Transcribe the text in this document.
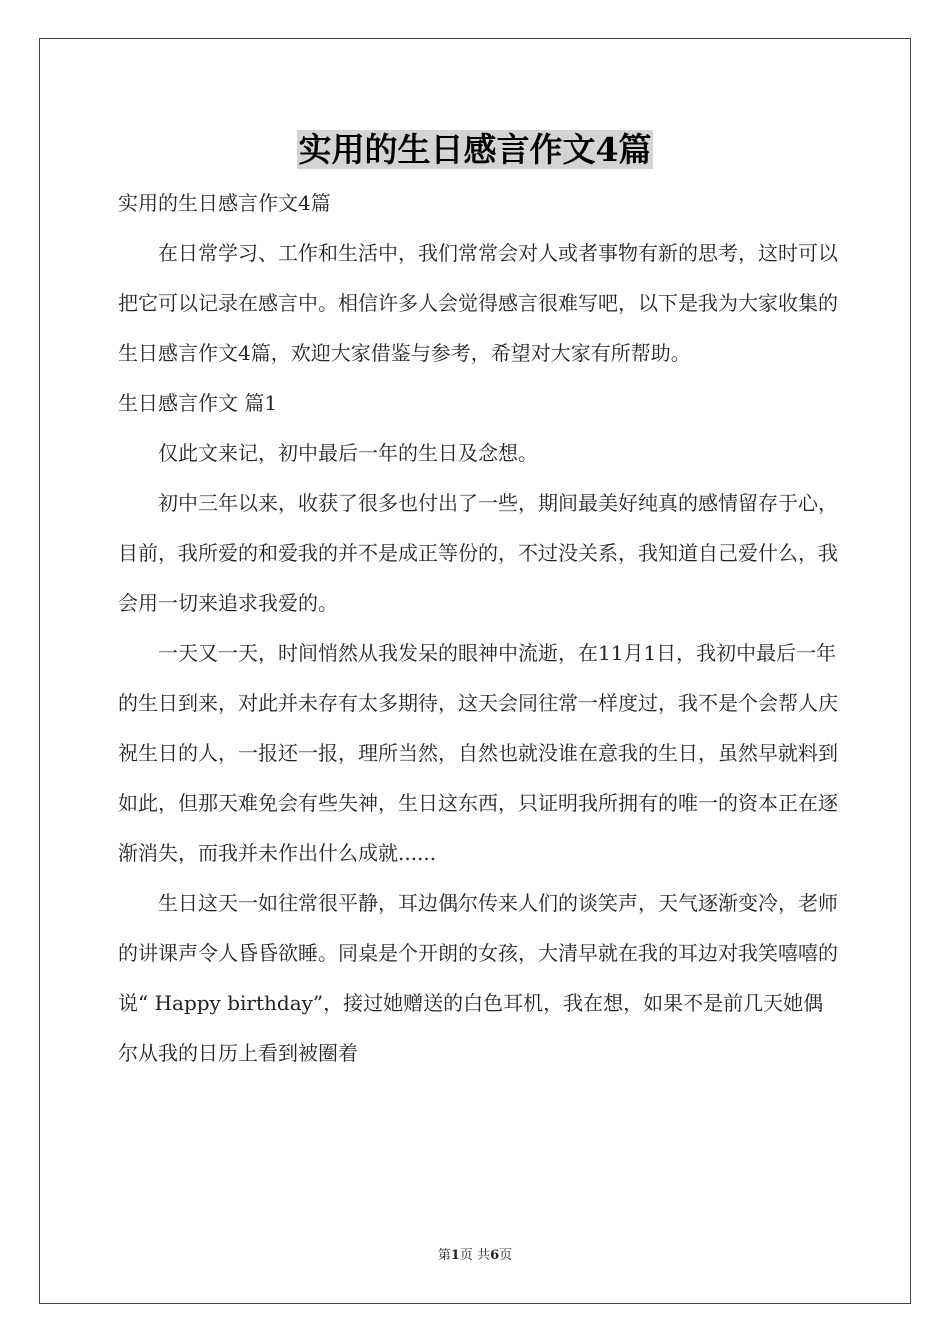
实用的生日感言作文4篇

实用的生日感言作文4篇

在日常学习、工作和生活中，我们常常会对人或者事物有新的思考，这时可以把它可以记录在感言中。相信许多人会觉得感言很难写吧，以下是我为大家收集的生日感言作文4篇，欢迎大家借鉴与参考，希望对大家有所帮助。

生日感言作文 篇1

仅此文来记，初中最后一年的生日及念想。

初中三年以来，收获了很多也付出了一些，期间最美好纯真的感情留存于心，目前，我所爱的和爱我的并不是成正等份的，不过没关系，我知道自己爱什么，我会用一切来追求我爱的。

一天又一天，时间悄然从我发呆的眼神中流逝，在11月1日，我初中最后一年的生日到来，对此并未存有太多期待，这天会同往常一样度过，我不是个会帮人庆祝生日的人，一报还一报，理所当然，自然也就没谁在意我的生日，虽然早就料到如此，但那天难免会有些失神，生日这东西，只证明我所拥有的唯一的资本正在逐渐消失，而我并未作出什么成就......

生日这天一如往常很平静，耳边偶尔传来人们的谈笑声，天气逐渐变冷，老师的讲课声令人昏昏欲睡。同桌是个开朗的女孩，大清早就在我的耳边对我笑嘻嘻的说“ Happy birthday”，接过她赠送的白色耳机，我在想，如果不是前几天她偶尔从我的日历上看到被圈着

第1页 共6页
